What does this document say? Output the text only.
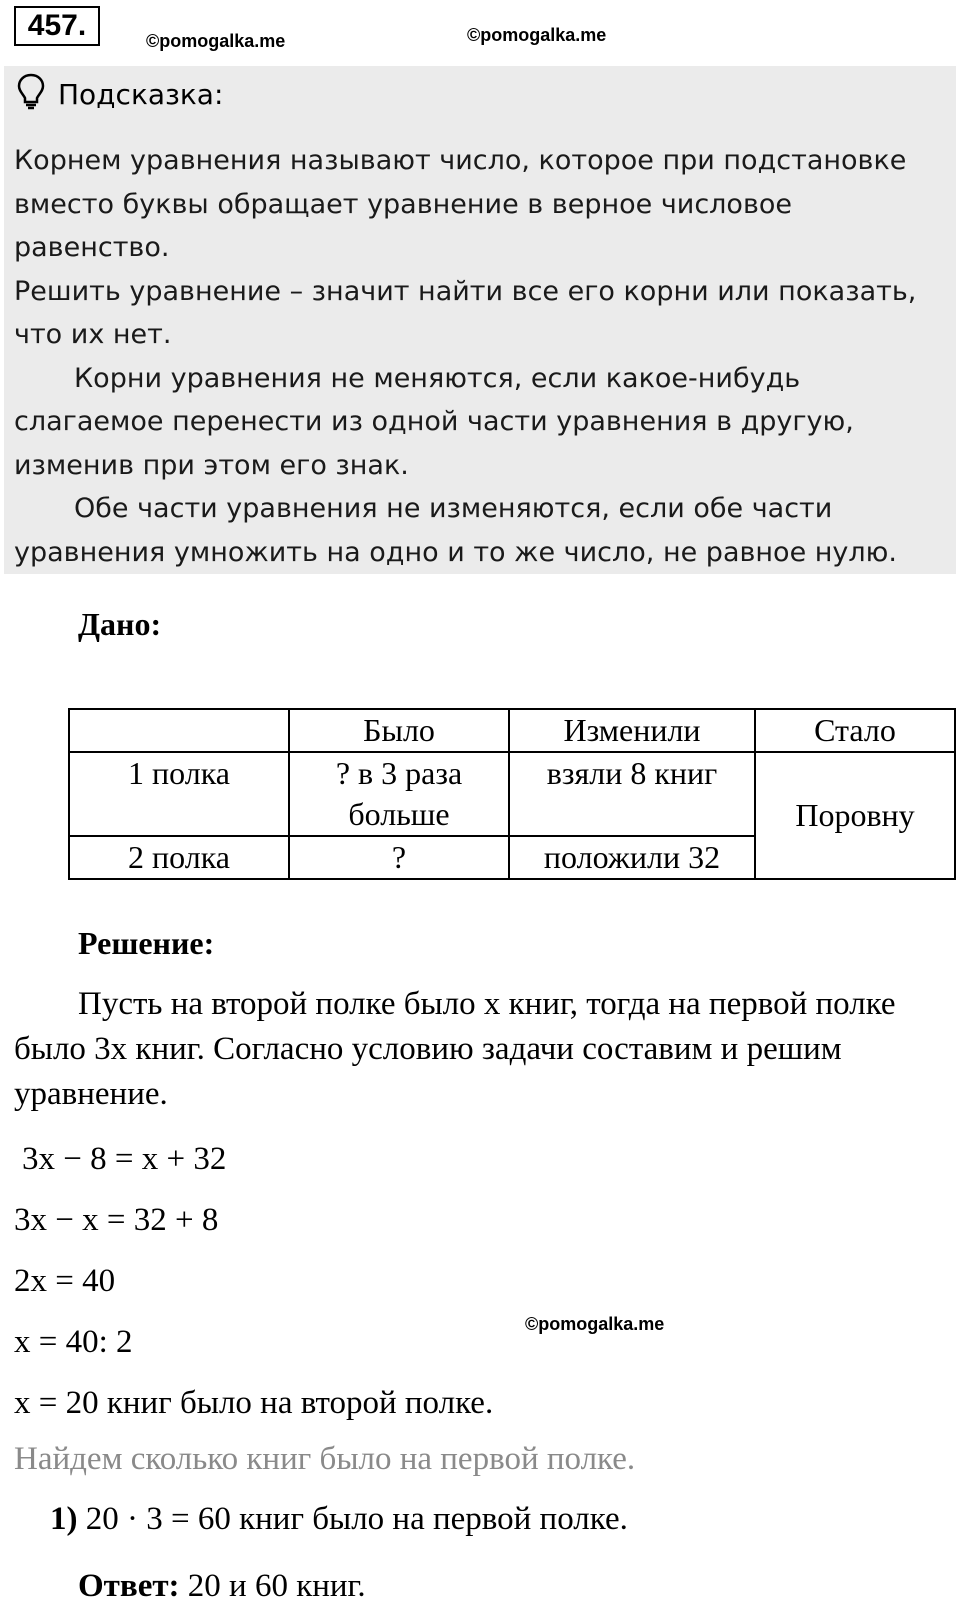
457.	©pomogalka.me	©pomogalka.me
Подсказка:

Корнем уравнения называют число, которое при подстановке вместо буквы обращает уравнение в верное числовое равенство.

Решить уравнение – значит найти все его корни или показать, что их нет.

Корни уравнения не меняются, если какое-нибудь слагаемое перенести из одной части уравнения в другую, изменив при этом его знак.

Обе части уравнения не изменяются, если обе части уравнения умножить на одно и то же число, не равное нулю.

Дано:
	Было	Изменили	Стало
1 полка	? в 3 раза больше	взяли 8 книг	Поровну
2 полка	?	положили 32	
Решение:

Пусть на второй полке было x книг, тогда на первой полке было 3x книг. Согласно условию задачи составим и решим уравнение.

3x − 8 = x + 32
3x − x = 32 + 8
2x = 40
x = 40: 2	©pomogalka.me
x = 20 книг было на второй полке.
Найдем сколько книг было на первой полке.
1) 20 · 3 = 60 книг было на первой полке.
Ответ: 20 и 60 книг.
